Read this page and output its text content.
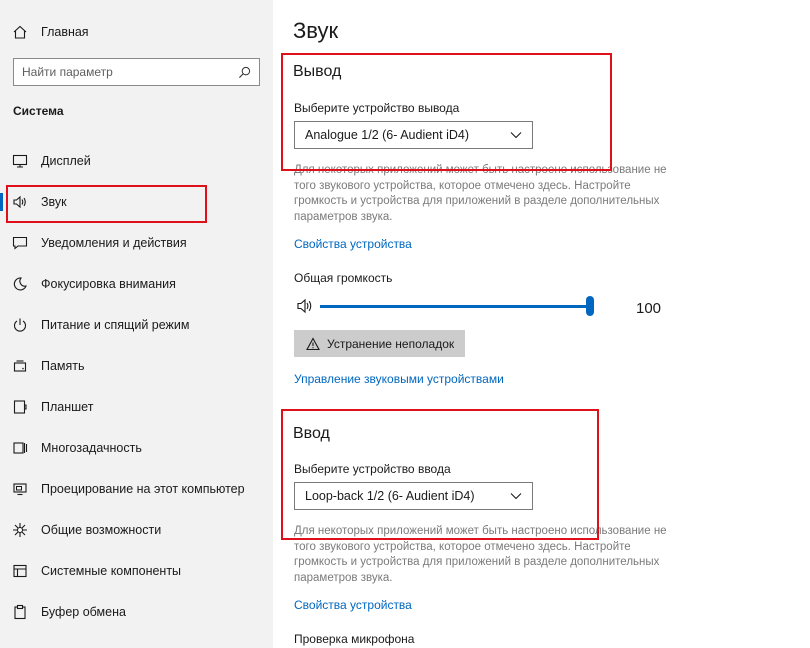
Главная
Найти параметр
Система
Дисплей
Звук
Уведомления и действия
Фокусировка внимания
Питание и спящий режим
Память
Планшет
Многозадачность
Проецирование на этот компьютер
Общие возможности
Системные компоненты
Буфер обмена
Звук
Вывод
Выберите устройство вывода
Analogue 1/2 (6- Audient iD4)
Для некоторых приложений может быть настроено использование не того звукового устройства, которое отмечено здесь. Настройте громкость и устройства для приложений в разделе дополнительных параметров звука.
Свойства устройства
Общая громкость
100
Устранение неполадок
Управление звуковыми устройствами
Ввод
Выберите устройство ввода
Loop-back 1/2 (6- Audient iD4)
Для некоторых приложений может быть настроено использование не того звукового устройства, которое отмечено здесь. Настройте громкость и устройства для приложений в разделе дополнительных параметров звука.
Свойства устройства
Проверка микрофона
